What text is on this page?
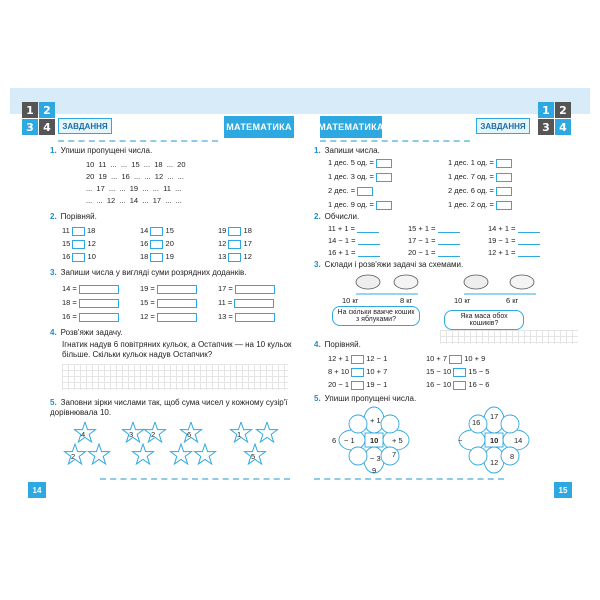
1 2
3 4	ЗАВДАННЯ	МАТЕМАТИКА
1. Упиши пропущені числа.
10  11  ...  ...  15  ...  18  ...  20
20  19  ...  16  ...  ...  12  ...  ...
...  17  ...  ...  19  ...  ...  11  ...
...  ...  12  ...  14  ...  17  ...  ...
2. Порівняй.
11 18	14 15	19 18
15 12	16 20	12 17
16 10	18 19	13 12
3. Запиши числа у вигляді суми розрядних доданків.
14 =	19 =	17 =
18 =	15 =	11 =
16 =	12 =	13 =
4. Розв'яжи задачу.
Ігнатик надув 6 повітряних кульок, а Остапчик — на 10 кульок більше. Скільки кульок надув Остапчик?
5. Заповни зірки числами так, щоб сума чисел у кожному сузір'ї дорівнювала 10.
4
2
3 2	6	1
5
14
МАТЕМАТИКА	ЗАВДАННЯ
1 2
3 4
1. Запиши числа.
1 дес. 5 од. =	1 дес. 1 од. =
1 дес. 3 од. =	1 дес. 7 од. =
2 дес. =	2 дес. 6 од. =
1 дес. 9 од. =	1 дес. 2 од. =
2. Обчисли.
11 + 1 =	15 + 1 =	14 + 1 =
14 − 1 =	17 − 1 =	19 − 1 =
16 + 1 =	20 − 1 =	12 + 1 =
3. Склади і розв'яжи задачі за схемами.
10 кг	8 кг	10 кг	6 кг
На скільки важче кошик з яблуками?	Яка маса обох кошиків?
4. Порівняй.
12 + 1 12 − 1	10 + 7 10 + 9
8 + 10 10 + 7	15 − 10 15 − 5
20 − 1 19 − 1	16 − 10 16 − 6
5. Упиши пропущені числа.
10
+ 1
− 1	+ 5
− 3
6
7
9
10
17
14
12
16
−
8
15
